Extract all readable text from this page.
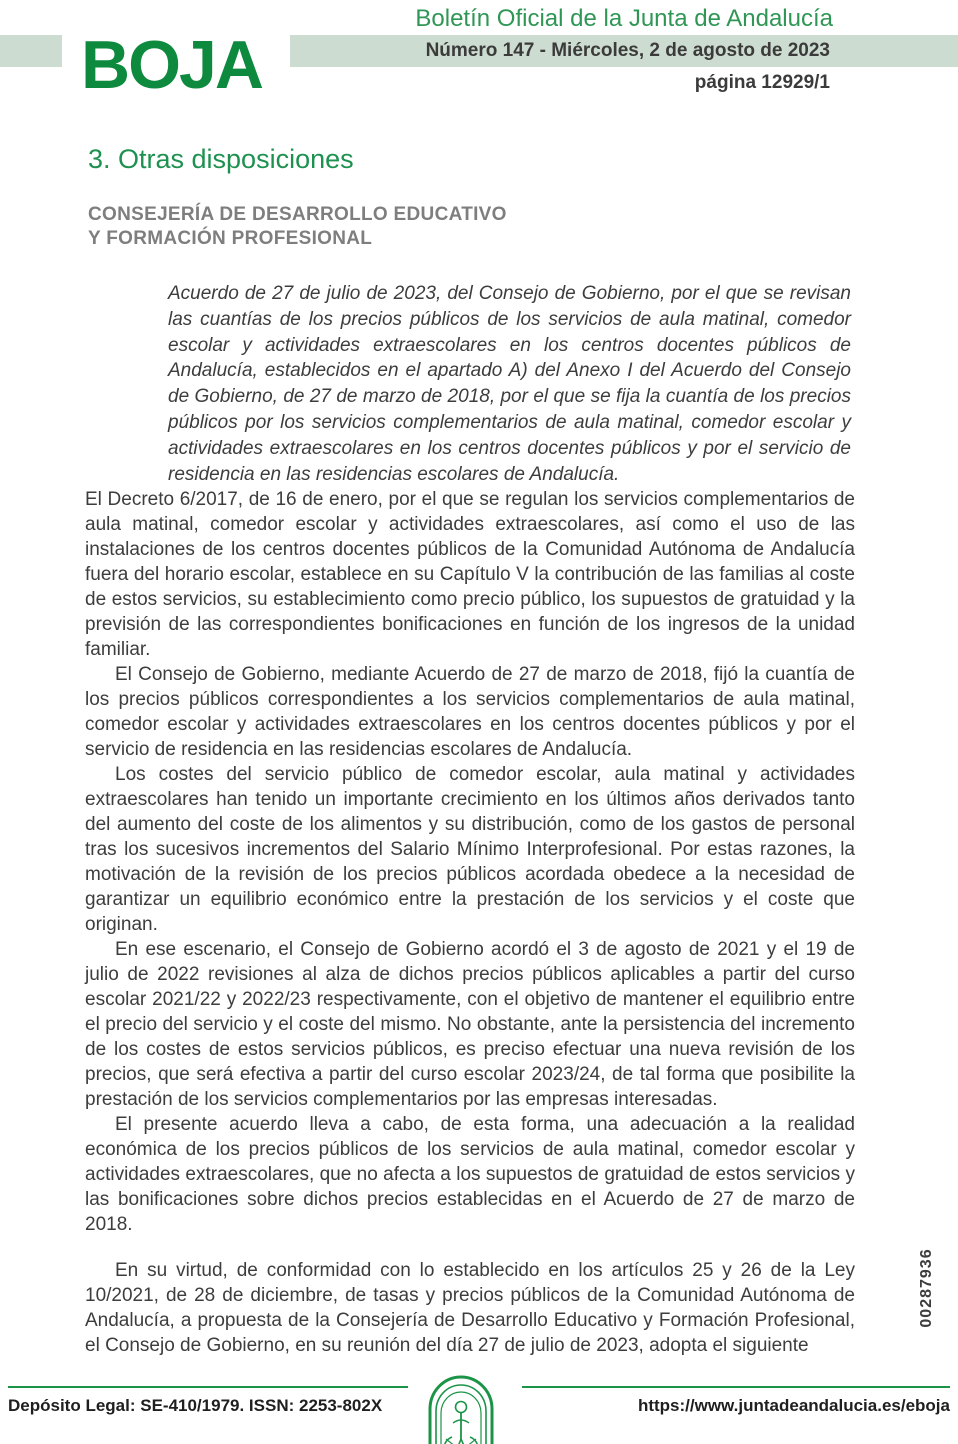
BOJA
Boletín Oficial de la Junta de Andalucía
Número 147 - Miércoles, 2 de agosto de 2023
página 12929/1
3. Otras disposiciones
CONSEJERÍA DE DESARROLLO EDUCATIVO
Y FORMACIÓN PROFESIONAL

Acuerdo de 27 de julio de 2023, del Consejo de Gobierno, por el que se revisan las cuantías de los precios públicos de los servicios de aula matinal, comedor escolar y actividades extraescolares en los centros docentes públicos de Andalucía, establecidos en el apartado A) del Anexo I del Acuerdo del Consejo de Gobierno, de 27 de marzo de 2018, por el que se fija la cuantía de los precios públicos por los servicios complementarios de aula matinal, comedor escolar y actividades extraescolares en los centros docentes públicos y por el servicio de residencia en las residencias escolares de Andalucía.

El Decreto 6/2017, de 16 de enero, por el que se regulan los servicios complementarios de aula matinal, comedor escolar y actividades extraescolares, así como el uso de las instalaciones de los centros docentes públicos de la Comunidad Autónoma de Andalucía fuera del horario escolar, establece en su Capítulo V la contribución de las familias al coste de estos servicios, su establecimiento como precio público, los supuestos de gratuidad y la previsión de las correspondientes bonificaciones en función de los ingresos de la unidad familiar.

El Consejo de Gobierno, mediante Acuerdo de 27 de marzo de 2018, fijó la cuantía de los precios públicos correspondientes a los servicios complementarios de aula matinal, comedor escolar y actividades extraescolares en los centros docentes públicos y por el servicio de residencia en las residencias escolares de Andalucía.

Los costes del servicio público de comedor escolar, aula matinal y actividades extraescolares han tenido un importante crecimiento en los últimos años derivados tanto del aumento del coste de los alimentos y su distribución, como de los gastos de personal tras los sucesivos incrementos del Salario Mínimo Interprofesional. Por estas razones, la motivación de la revisión de los precios públicos acordada obedece a la necesidad de garantizar un equilibrio económico entre la prestación de los servicios y el coste que originan.

En ese escenario, el Consejo de Gobierno acordó el 3 de agosto de 2021 y el 19 de julio de 2022 revisiones al alza de dichos precios públicos aplicables a partir del curso escolar 2021/22 y 2022/23 respectivamente, con el objetivo de mantener el equilibrio entre el precio del servicio y el coste del mismo. No obstante, ante la persistencia del incremento de los costes de estos servicios públicos, es preciso efectuar una nueva revisión de los precios, que será efectiva a partir del curso escolar 2023/24, de tal forma que posibilite la prestación de los servicios complementarios por las empresas interesadas.

El presente acuerdo lleva a cabo, de esta forma, una adecuación a la realidad económica de los precios públicos de los servicios de aula matinal, comedor escolar y actividades extraescolares, que no afecta a los supuestos de gratuidad de estos servicios y las bonificaciones sobre dichos precios establecidas en el Acuerdo de 27 de marzo de 2018.

En su virtud, de conformidad con lo establecido en los artículos 25 y 26 de la Ley 10/2021, de 28 de diciembre, de tasas y precios públicos de la Comunidad Autónoma de Andalucía, a propuesta de la Consejería de Desarrollo Educativo y Formación Profesional, el Consejo de Gobierno, en su reunión del día 27 de julio de 2023, adopta el siguiente

00287936
Depósito Legal: SE-410/1979. ISSN: 2253-802X	https://www.juntadeandalucia.es/eboja
